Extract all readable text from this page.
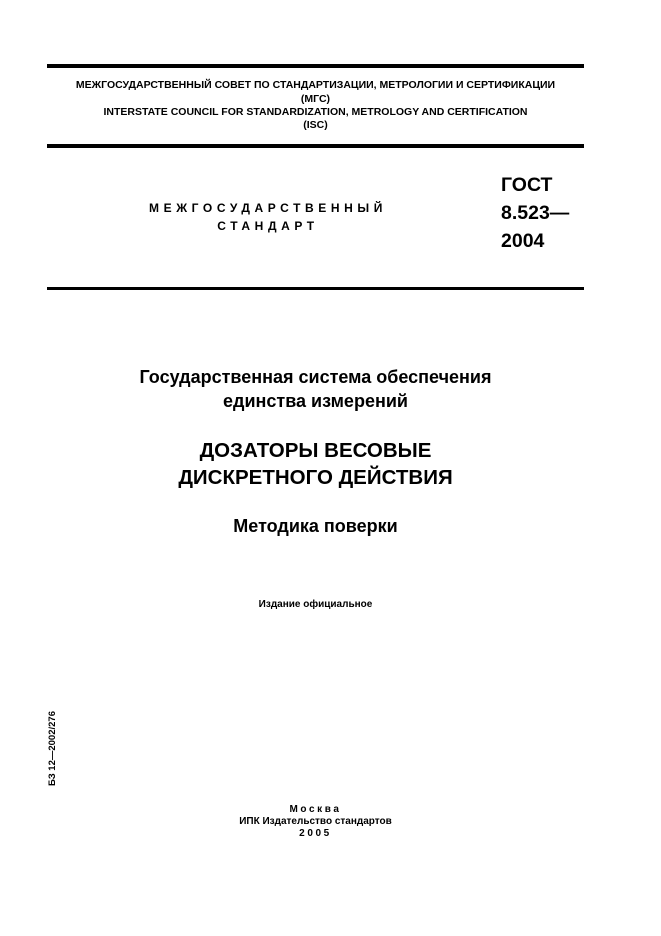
МЕЖГОСУДАРСТВЕННЫЙ СОВЕТ ПО СТАНДАРТИЗАЦИИ, МЕТРОЛОГИИ И СЕРТИФИКАЦИИ
(МГС)
INTERSTATE COUNCIL FOR STANDARDIZATION, METROLOGY AND CERTIFICATION
(ISC)
МЕЖГОСУДАРСТВЕННЫЙ
СТАНДАРТ
ГОСТ
8.523—
2004
Государственная система обеспечения
единства измерений
ДОЗАТОРЫ ВЕСОВЫЕ
ДИСКРЕТНОГО ДЕЙСТВИЯ
Методика поверки
Издание официальное
БЗ 12—2002/276
Москва
ИПК Издательство стандартов
2005
